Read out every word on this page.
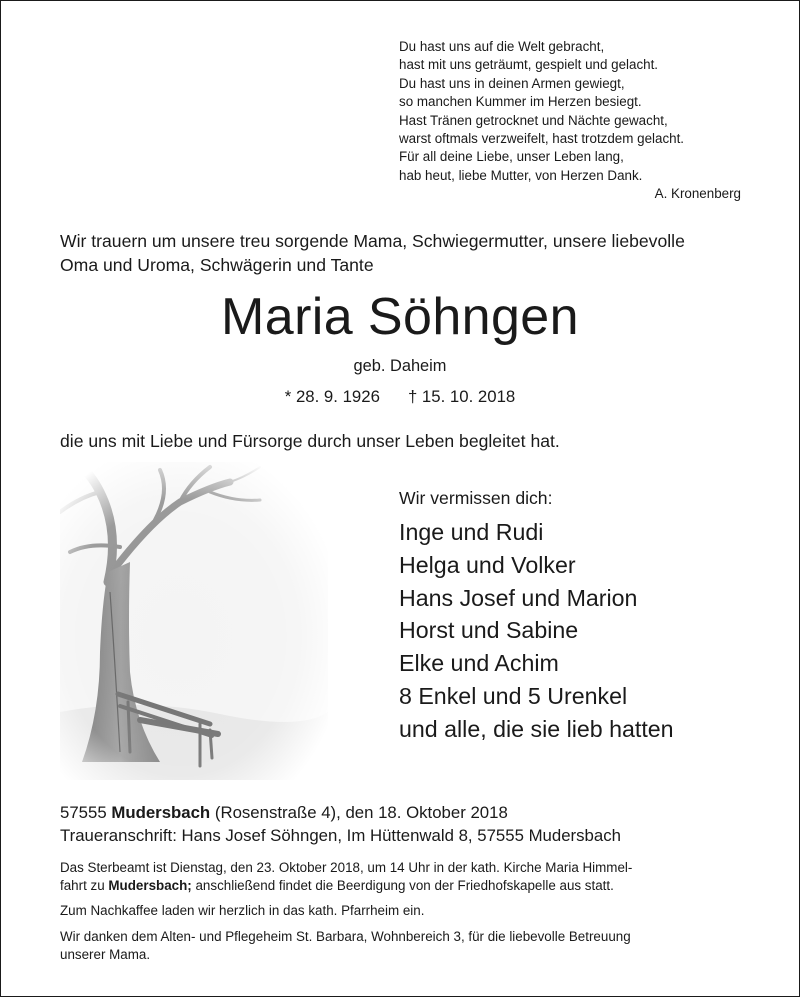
Du hast uns auf die Welt gebracht,
hast mit uns geträumt, gespielt und gelacht.
Du hast uns in deinen Armen gewiegt,
so manchen Kummer im Herzen besiegt.
Hast Tränen getrocknet und Nächte gewacht,
warst oftmals verzweifelt, hast trotzdem gelacht.
Für all deine Liebe, unser Leben lang,
hab heut, liebe Mutter, von Herzen Dank.
A. Kronenberg
Wir trauern um unsere treu sorgende Mama, Schwiegermutter, unsere liebevolle
Oma und Uroma, Schwägerin und Tante
Maria Söhngen
geb. Daheim
* 28. 9. 1926 † 15. 10. 2018
die uns mit Liebe und Fürsorge durch unser Leben begleitet hat.
Wir vermissen dich:
Inge und Rudi
Helga und Volker
Hans Josef und Marion
Horst und Sabine
Elke und Achim
8 Enkel und 5 Urenkel
und alle, die sie lieb hatten
57555 Mudersbach (Rosenstraße 4), den 18. Oktober 2018
Traueranschrift: Hans Josef Söhngen, Im Hüttenwald 8, 57555 Mudersbach

Das Sterbeamt ist Dienstag, den 23. Oktober 2018, um 14 Uhr in der kath. Kirche Maria Himmel-
fahrt zu Mudersbach; anschließend findet die Beerdigung von der Friedhofskapelle aus statt.

Zum Nachkaffee laden wir herzlich in das kath. Pfarrheim ein.

Wir danken dem Alten- und Pflegeheim St. Barbara, Wohnbereich 3, für die liebevolle Betreuung
unserer Mama.
